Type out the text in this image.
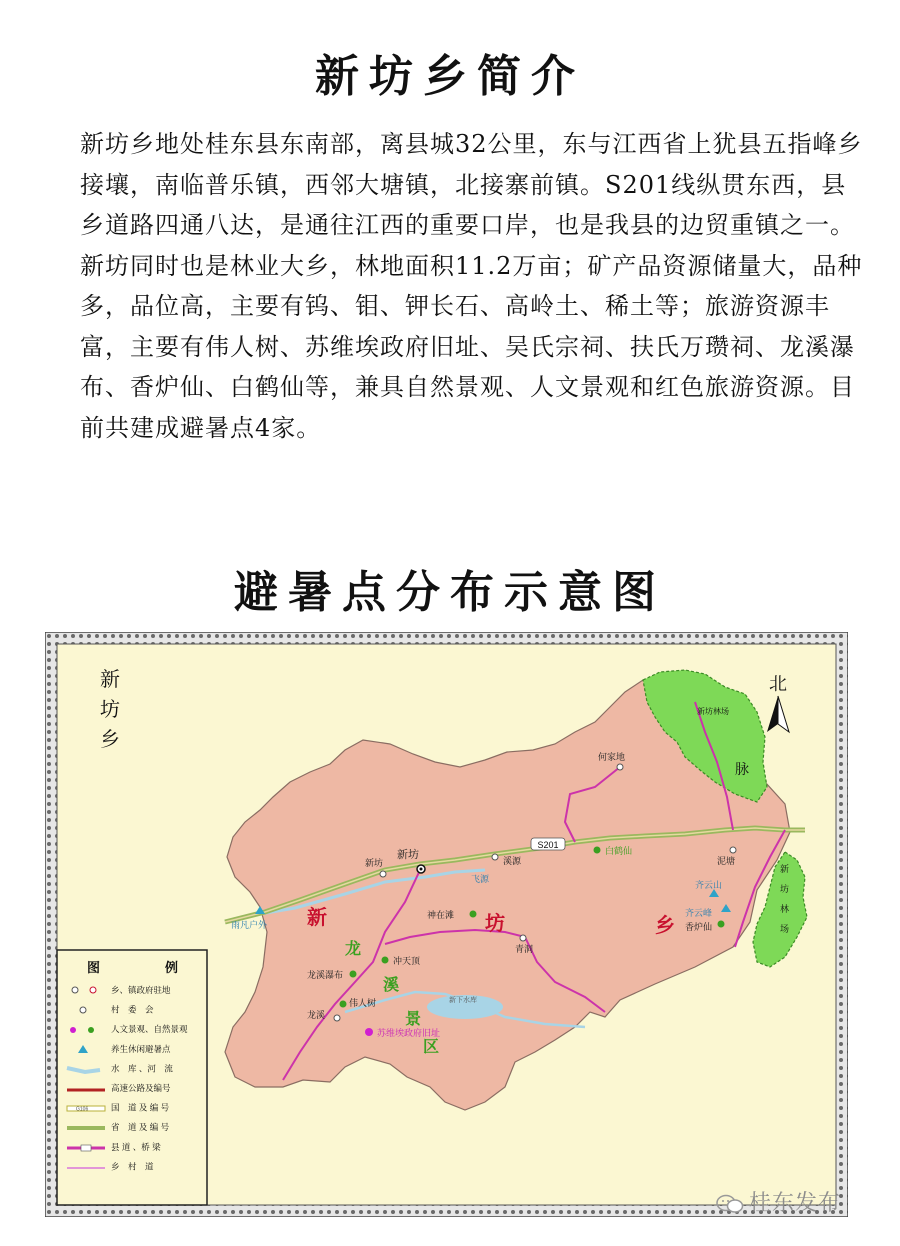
新坊乡简介

新坊乡地处桂东县东南部，离县城32公里，东与江西省上犹县五指峰乡接壤，南临普乐镇，西邻大塘镇，北接寨前镇。S201线纵贯东西，县乡道路四通八达，是通往江西的重要口岸，也是我县的边贸重镇之一。新坊同时也是林业大乡，林地面积11.2万亩；矿产品资源储量大，品种多，品位高，主要有钨、钼、钾长石、高岭土、稀土等；旅游资源丰富，主要有伟人树、苏维埃政府旧址、吴氏宗祠、扶氏万瓒祠、龙溪瀑布、香炉仙、白鹤仙等，兼具自然景观、人文景观和红色旅游资源。目前共建成避暑点4家。

避暑点分布示意图
S201
新
坊
乡
北
新	坊	乡
龙
溪
景
区
新坊林场
新
坊
林
场
脉
何家地
新坊
新坊	溪源
飞源
白鹤仙
泥塘
雨凡户外
神在滩
青洞
冲天顶
龙溪瀑布
伟人树
龙溪
苏维埃政府旧址
新下水库
齐云山
齐云峰
香炉仙
图	例
乡、镇政府驻地
村　委　会
人文景观、自然景观
养生休闲避暑点
水　库 、河　流
高速公路及编号
国　道 及 编 号
省　道 及 编 号
县 道 、桥 梁
乡　村　道
G106
桂东发布
